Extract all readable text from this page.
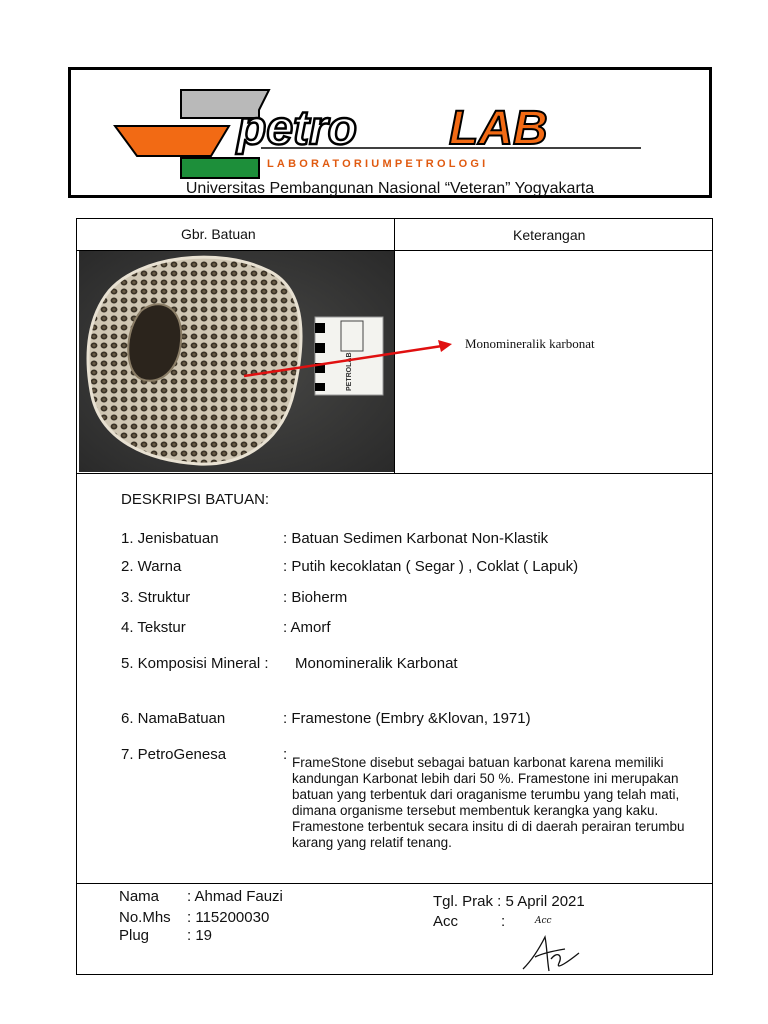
petro LAB
LABORATORIUMPETROLOGI
Universitas Pembangunan Nasional “Veteran” Yogyakarta
Gbr. Batuan	Keterangan
PETROLAB
Monomineralik karbonat
DESKRIPSI BATUAN:
1. Jenisbatuan	: Batuan Sedimen Karbonat Non-Klastik
2. Warna	: Putih kecoklatan ( Segar ) , Coklat ( Lapuk)
3. Struktur	: Bioherm
4. Tekstur	: Amorf
5. Komposisi Mineral : Monomineralik Karbonat
6. NamaBatuan	: Framestone (Embry &Klovan, 1971)
7. PetroGenesa	: FrameStone disebut sebagai batuan karbonat karena memiliki kandungan Karbonat lebih dari 50 %. Framestone ini merupakan batuan yang terbentuk dari oraganisme terumbu yang telah mati, dimana organisme tersebut membentuk kerangka yang kaku. Framestone terbentuk secara insitu di di daerah perairan terumbu karang yang relatif tenang.
Nama : Ahmad Fauzi
No.Mhs : 115200030
Plug	: 19
Tgl. Prak : 5 April 2021
Acc	:	Acc
